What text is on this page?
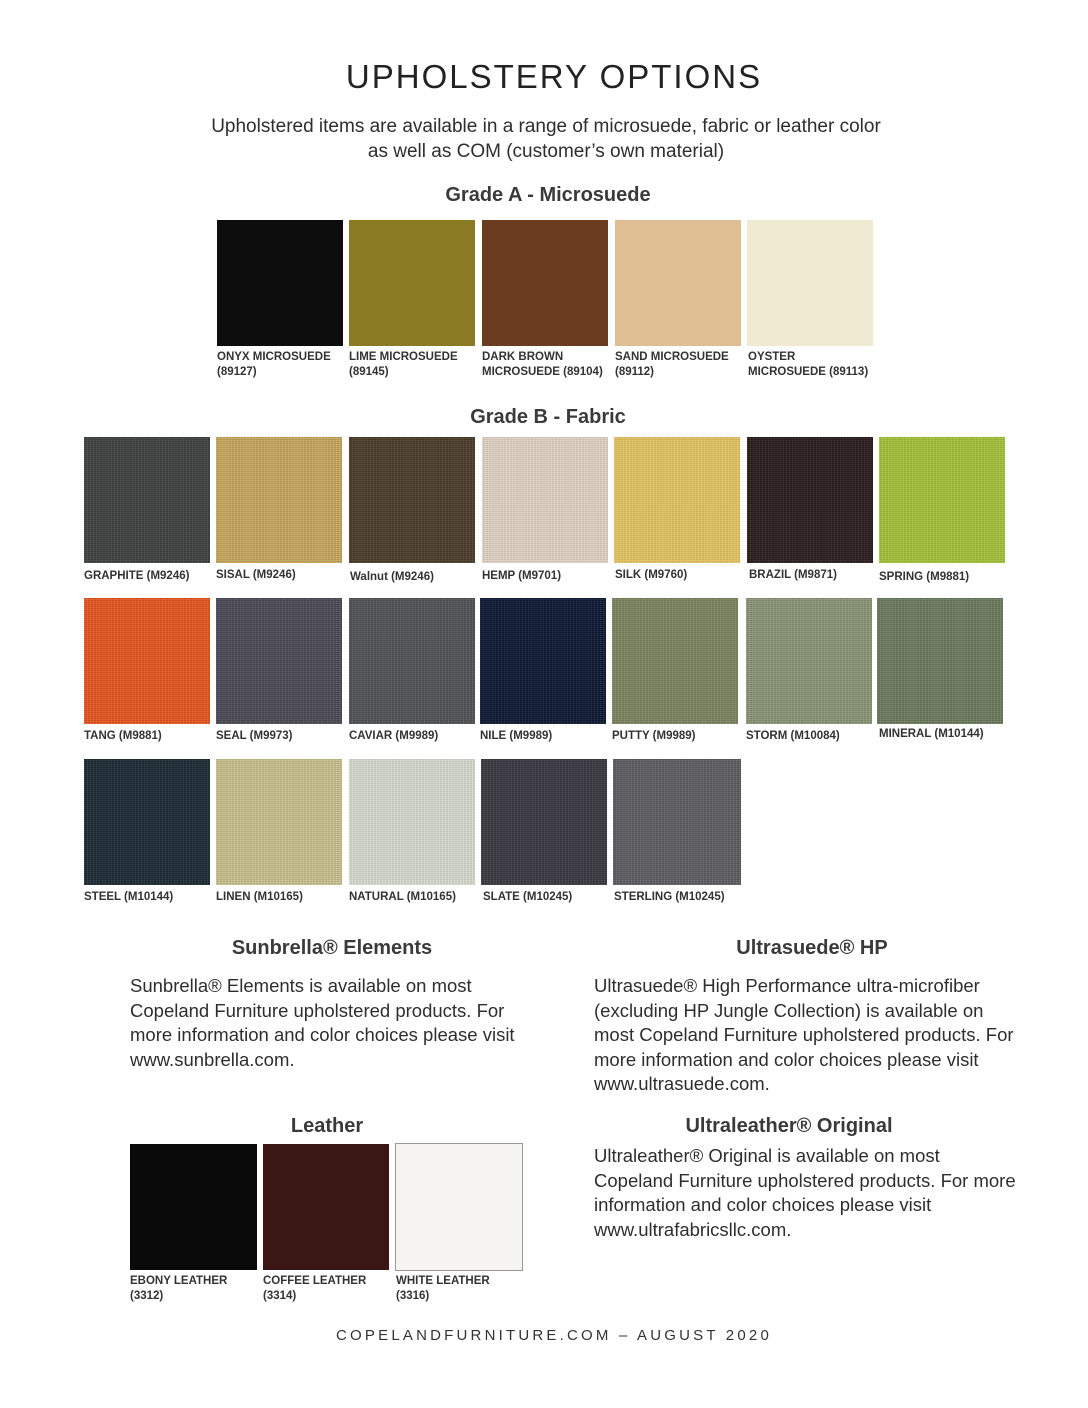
UPHOLSTERY OPTIONS
Upholstered items are available in a range of microsuede, fabric or leather color
as well as COM (customer’s own material)
Grade A - Microsuede
ONYX MICROSUEDE
(89127)
LIME MICROSUEDE
(89145)
DARK BROWN
MICROSUEDE (89104)
SAND MICROSUEDE
(89112)
OYSTER
MICROSUEDE (89113)
Grade B - Fabric
GRAPHITE (M9246) SISAL (M9246)	Walnut (M9246)	HEMP (M9701)	SILK (M9760)	BRAZIL (M9871)	SPRING (M9881)
TANG (M9881)	SEAL (M9973)	CAVIAR (M9989)	NILE (M9989)	PUTTY (M9989)	STORM (M10084)	MINERAL (M10144)
STEEL (M10144)	LINEN (M10165)	NATURAL (M10165) SLATE (M10245)	STERLING (M10245)
Sunbrella® Elements
Sunbrella® Elements is available on most
Copeland Furniture upholstered products. For
more information and color choices please visit
www.sunbrella.com.
Ultrasuede® HP
Ultrasuede® High Performance ultra-microfiber
(excluding HP Jungle Collection) is available on
most Copeland Furniture upholstered products. For
more information and color choices please visit
www.ultrasuede.com.
Leather
EBONY LEATHER
(3312)
COFFEE LEATHER
(3314)
WHITE LEATHER
(3316)
Ultraleather® Original
Ultraleather® Original is available on most
Copeland Furniture upholstered products. For more
information and color choices please visit
www.ultrafabricsllc.com.
COPELANDFURNITURE.COM – AUGUST 2020
